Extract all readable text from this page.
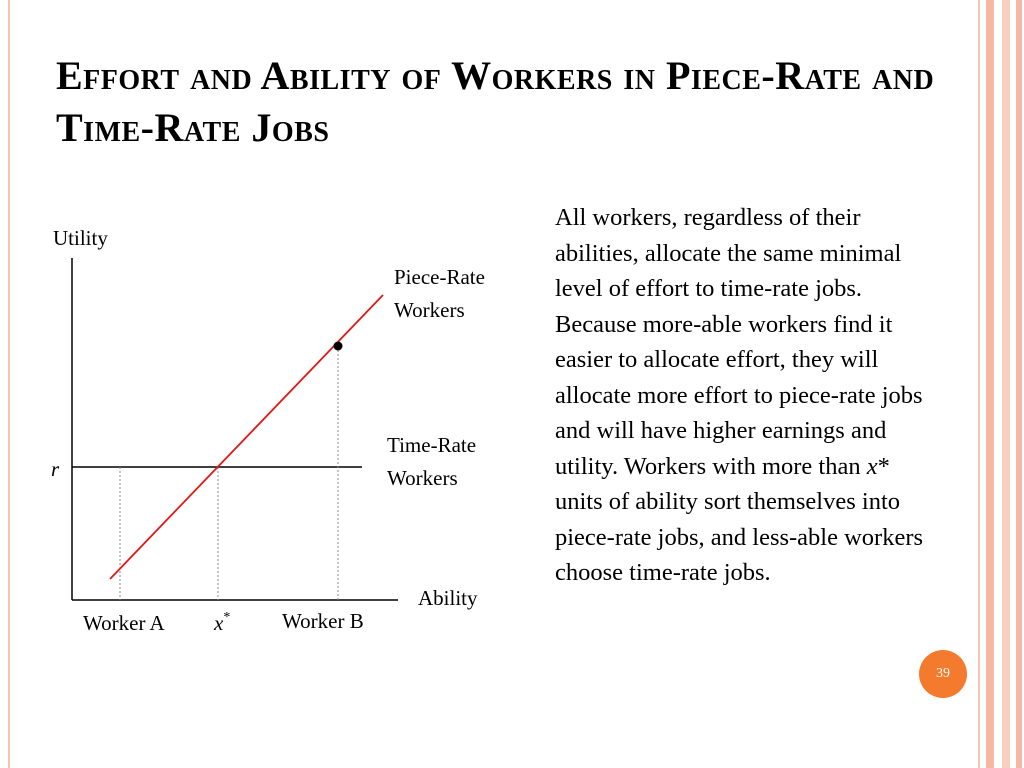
Effort and Ability of Workers in Piece-Rate and Time-Rate Jobs
Utility
Ability
r
Piece-Rate
Workers
Time-Rate
Workers
Worker A x* Worker B
All workers, regardless of their abilities, allocate the same minimal level of effort to time-rate jobs. Because more-able workers find it easier to allocate effort, they will allocate more effort to piece-rate jobs and will have higher earnings and utility. Workers with more than x* units of ability sort themselves into piece-rate jobs, and less-able workers choose time-rate jobs.
39
